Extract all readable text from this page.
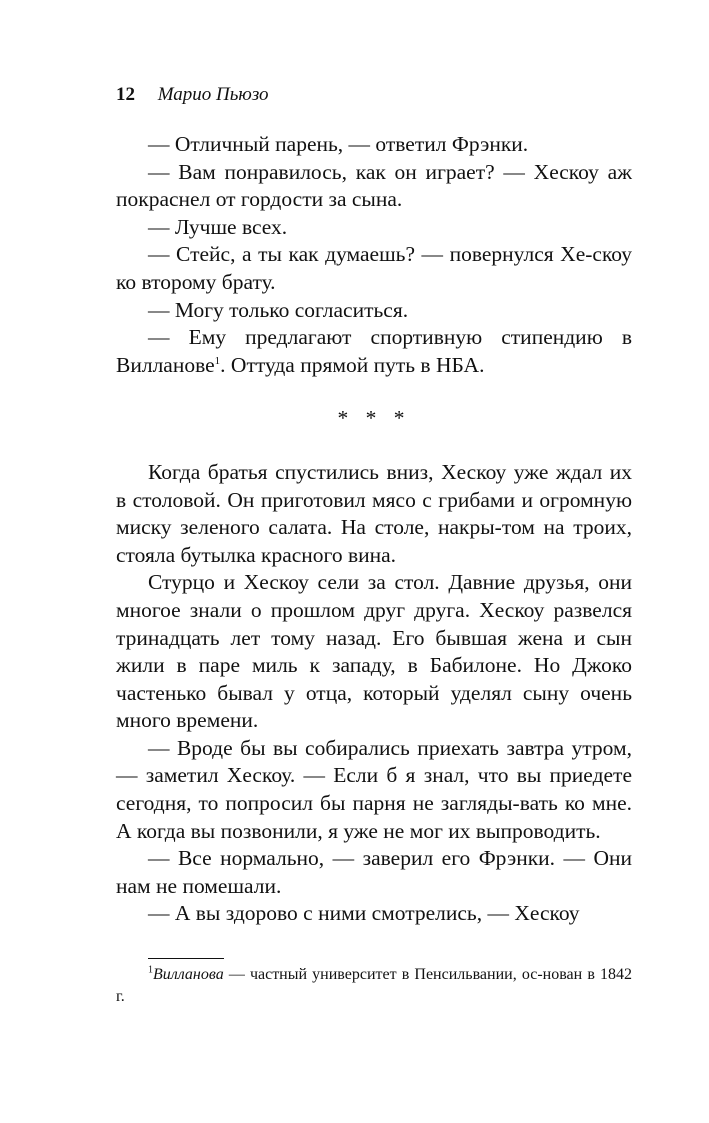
12 Марио Пьюзо

— Отличный парень, — ответил Фрэнки.

— Вам понравилось, как он играет? — Хескоу аж покраснел от гордости за сына.

— Лучше всех.

— Стейс, а ты как думаешь? — повернулся Хе-скоу ко второму брату.

— Могу только согласиться.

— Ему предлагают спортивную стипендию в Вилланове$^1$. Оттуда прямой путь в НБА.

* * *

Когда братья спустились вниз, Хескоу уже ждал их в столовой. Он приготовил мясо с грибами и огромную миску зеленого салата. На столе, накры-том на троих, стояла бутылка красного вина.

Стурцо и Хескоу сели за стол. Давние друзья, они многое знали о прошлом друг друга. Хескоу развелся тринадцать лет тому назад. Его бывшая жена и сын жили в паре миль к западу, в Бабилоне. Но Джоко частенько бывал у отца, который уделял сыну очень много времени.

— Вроде бы вы собирались приехать завтра утром, — заметил Хескоу. — Если б я знал, что вы приедете сегодня, то попросил бы парня не загляды-вать ко мне. А когда вы позвонили, я уже не мог их выпроводить.

— Все нормально, — заверил его Фрэнки. — Они нам не помешали.

— А вы здорово с ними смотрелись, — Хескоу

$^1$Вилланова — частный университет в Пенсильвании, ос-нован в 1842 г.
